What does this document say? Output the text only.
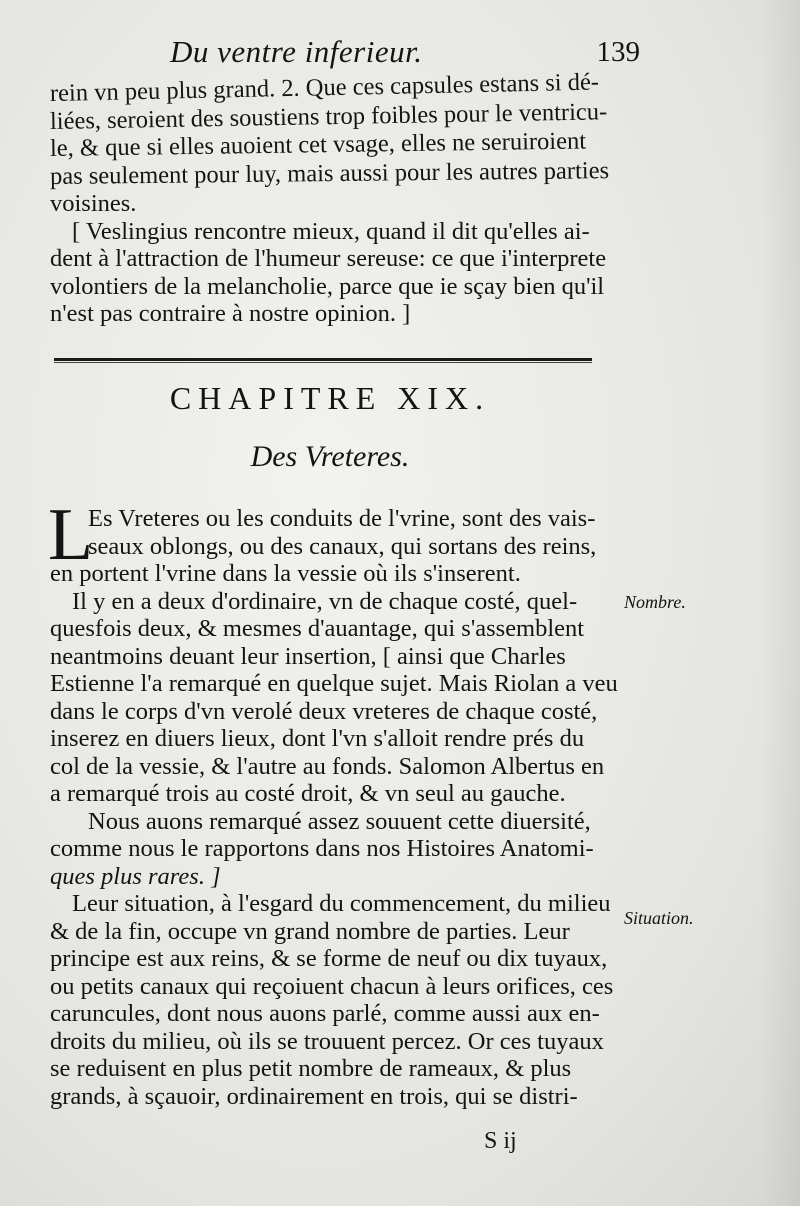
Du ventre inferieur.	139
rein vn peu plus grand. 2. Que ces capsules estans si dé-
liées, seroient des soustiens trop foibles pour le ventricu-
le, & que si elles auoient cet vsage, elles ne seruiroient
pas seulement pour luy, mais aussi pour les autres parties
voisines.
[ Veslingius rencontre mieux, quand il dit qu'elles ai-
dent à l'attraction de l'humeur sereuse: ce que i'interprete
volontiers de la melancholie, parce que ie sçay bien qu'il
n'est pas contraire à nostre opinion. ]
CHAPITRE XIX.
Des Vreteres.
L
Es Vreteres ou les conduits de l'vrine, sont des vais-
seaux oblongs, ou des canaux, qui sortans des reins,
en portent l'vrine dans la vessie où ils s'inserent.
Il y en a deux d'ordinaire, vn de chaque costé, quel-
quesfois deux, & mesmes d'auantage, qui s'assemblent
neantmoins deuant leur insertion, [ ainsi que Charles
Estienne l'a remarqué en quelque sujet. Mais Riolan a veu
dans le corps d'vn verolé deux vreteres de chaque costé,
inserez en diuers lieux, dont l'vn s'alloit rendre prés du
col de la vessie, & l'autre au fonds. Salomon Albertus en
a remarqué trois au costé droit, & vn seul au gauche.
Nous auons remarqué assez souuent cette diuersité,
comme nous le rapportons dans nos Histoires Anatomi-
ques plus rares. ]
Leur situation, à l'esgard du commencement, du milieu
& de la fin, occupe vn grand nombre de parties. Leur
principe est aux reins, & se forme de neuf ou dix tuyaux,
ou petits canaux qui reçoiuent chacun à leurs orifices, ces
caruncules, dont nous auons parlé, comme aussi aux en-
droits du milieu, où ils se trouuent percez. Or ces tuyaux
se reduisent en plus petit nombre de rameaux, & plus
grands, à sçauoir, ordinairement en trois, qui se distri-
Nombre.
Situation.
S ij
